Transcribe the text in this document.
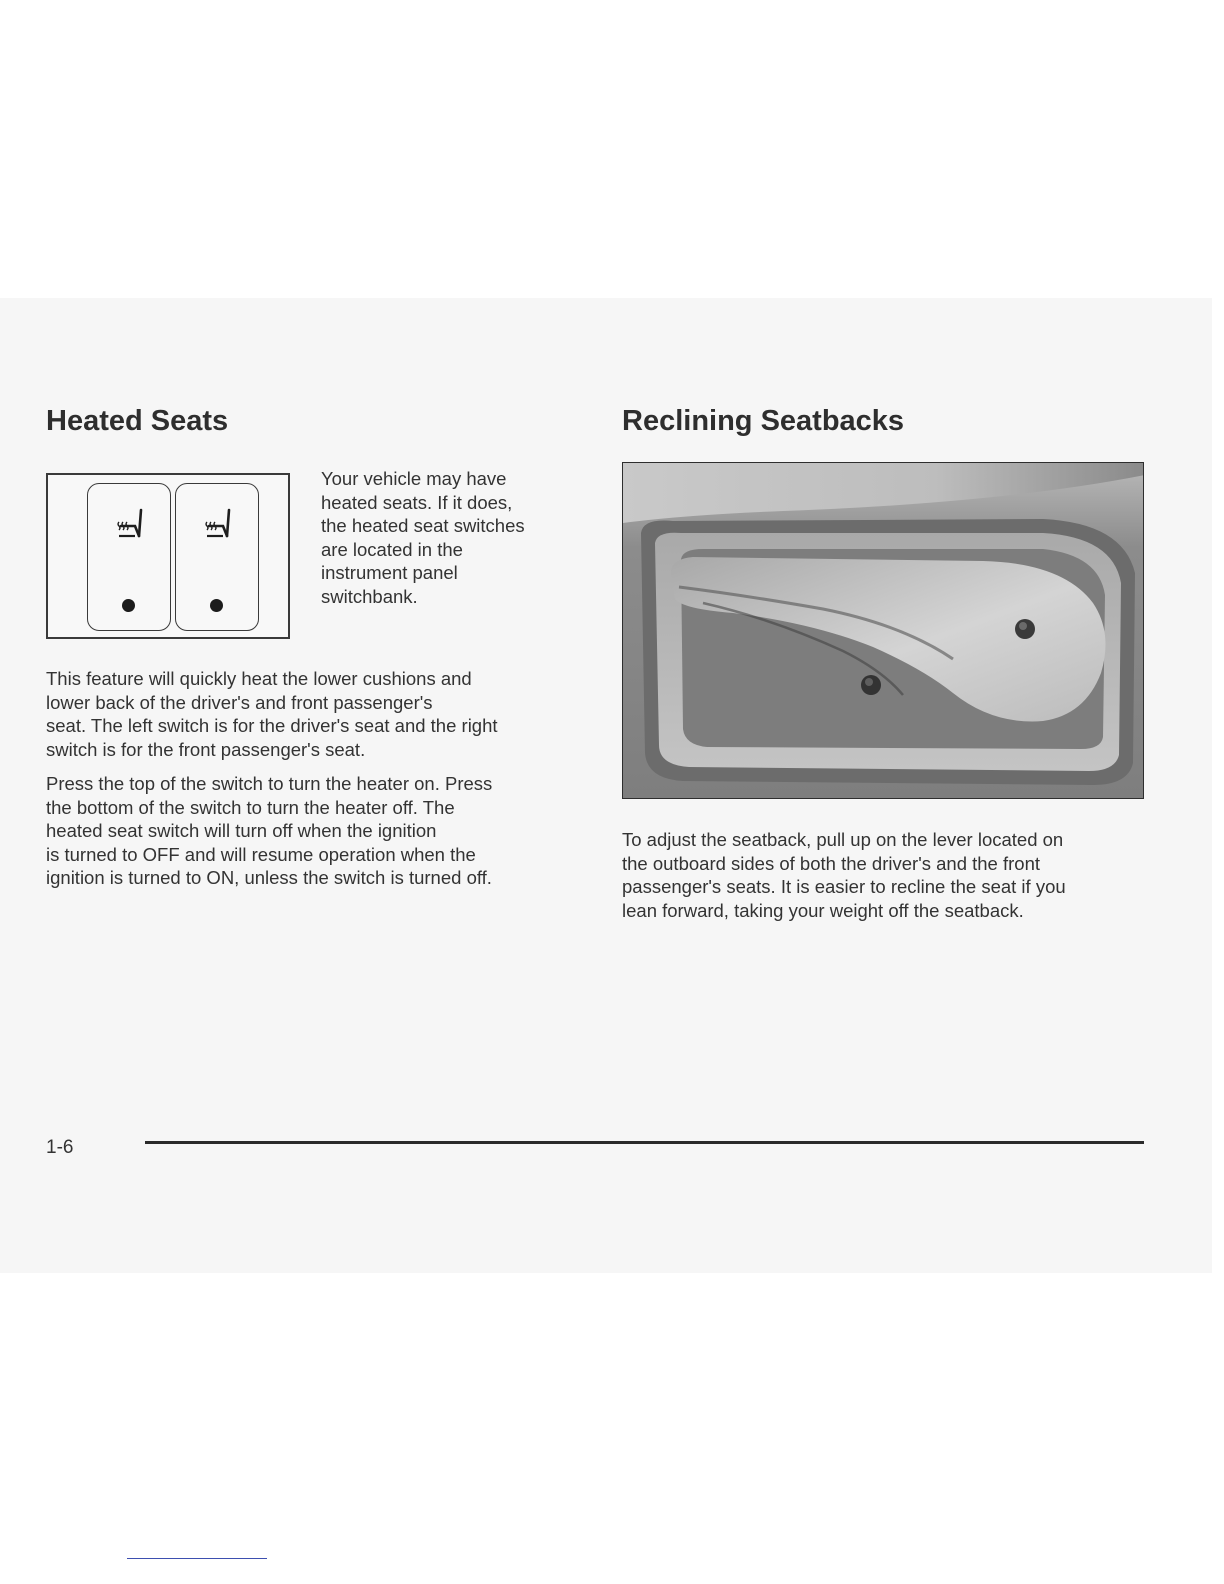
Heated Seats

Your vehicle may have
heated seats. If it does,
the heated seat switches
are located in the
instrument panel
switchbank.

This feature will quickly heat the lower cushions and
lower back of the driver's and front passenger's
seat. The left switch is for the driver's seat and the right
switch is for the front passenger's seat.

Press the top of the switch to turn the heater on. Press
the bottom of the switch to turn the heater off. The
heated seat switch will turn off when the ignition
is turned to OFF and will resume operation when the
ignition is turned to ON, unless the switch is turned off.

Reclining Seatbacks

To adjust the seatback, pull up on the lever located on
the outboard sides of both the driver's and the front
passenger's seats. It is easier to recline the seat if you
lean forward, taking your weight off the seatback.

1-6
